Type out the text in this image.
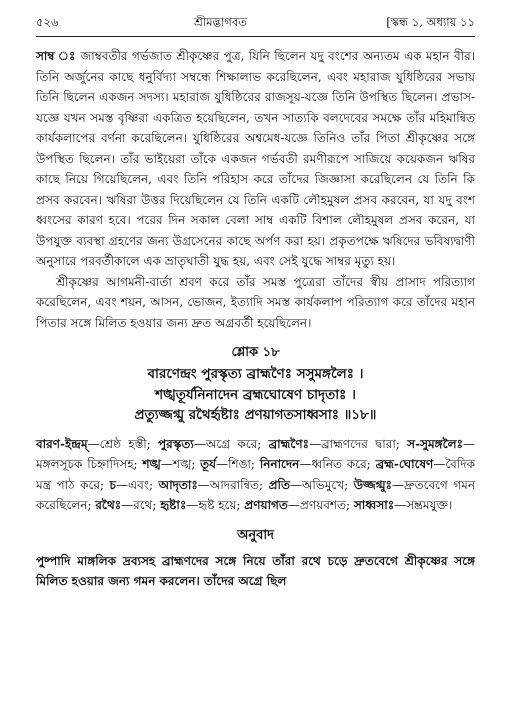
৫২৬	শ্রীমদ্ভাগবত	[স্কন্ধ ১, অধ্যায় ১১

সাম্ব ঃ জাম্ববতীর গর্ভজাত শ্রীকৃষ্ণের পুত্র, যিনি ছিলেন যদু বংশের অন্যতম এক মহান বীর। তিনি অর্জুনের কাছে ধনুর্বিদ্যা সম্বন্ধে শিক্ষালাভ করেছিলেন, এবং মহারাজ যুধিষ্ঠিরের সভায় তিনি ছিলেন একজন সদস্য। মহারাজ যুধিষ্ঠিরের রাজসূয়-যজ্ঞে তিনি উপস্থিত ছিলেন। প্রভাস-যজ্ঞে যখন সমস্ত বৃষ্ণিরা একত্রিত হয়েছিলেন, তখন সাত্যকি বলদেবের সমক্ষে তাঁর মহিমান্বিত কার্যকলাপের বর্ণনা করেছিলেন। যুধিষ্ঠিরের অশ্বমেধ-যজ্ঞে তিনিও তাঁর পিতা শ্রীকৃষ্ণের সঙ্গে উপস্থিত ছিলেন। তাঁর ভাইয়েরা তাঁকে একজন গর্ভবতী রমণীরূপে সাজিয়ে কয়েকজন ঋষির কাছে নিয়ে গিয়েছিলেন, এবং তিনি পরিহাস করে তাঁদের জিজ্ঞাসা করেছিলেন যে তিনি কি প্রসব করবেন। ঋষিরা উত্তর দিয়েছিলেন যে তিনি একটি লৌহমুষল প্রসব করবেন, যা যদু বংশ ধ্বংসের কারণ হবে। পরের দিন সকাল বেলা সাম্ব একটি বিশাল লৌহমুষল প্রসব করেন, যা উপযুক্ত ব্যবস্থা গ্রহণের জন্য উগ্রসেনের কাছে অর্পণ করা হয়। প্রকৃতপক্ষে ঋষিদের ভবিষ্যদ্বাণী অনুসারে পরবর্তীকালে এক ভ্রাতৃঘাতী যুদ্ধ হয়, এবং সেই যুদ্ধে সাম্বর মৃত্যু হয়।

শ্রীকৃষ্ণের আগমনী-বার্তা শ্রবণ করে তাঁর সমস্ত পুত্রেরা তাঁদের স্বীয় প্রাসাদ পরিত্যাগ করেছিলেন, এবং শয়ন, আসন, ভোজন, ইত্যাদি সমস্ত কার্যকলাপ পরিত্যাগ করে তাঁদের মহান পিতার সঙ্গে মিলিত হওয়ার জন্য দ্রুত অগ্রবর্তী হয়েছিলেন।

শ্লোক ১৮
বারণেন্দ্রং পুরস্কৃত্য ব্রাহ্মণৈঃ সসুমঙ্গলৈঃ ।
শঙ্খতূর্যনিনাদেন ব্রহ্মঘোষেণ চাদৃতাঃ ।
প্রত্যুজ্জগ্মু রথৈর্হৃষ্টাঃ প্রণয়াগতসাধ্বসাঃ ॥১৮॥

বারণ-ইন্দ্রম্—শ্রেষ্ঠ হস্তী; পুরস্কৃত্য—অগ্রে করে; ব্রাহ্মণৈঃ—ব্রাহ্মণদের দ্বারা; স-সুমঙ্গলৈঃ—মঙ্গলসূচক চিহ্নাদিসহ; শঙ্খ—শঙ্খ; তূর্য—শিঙা; নিনাদেন—ধ্বনিত করে; ব্রহ্ম-ঘোষেণ—বৈদিক মন্ত্র পাঠ করে; চ—এবং; আদৃতাঃ—আদরান্বিত; প্রতি—অভিমুখে; উজ্জগ্মুঃ—দ্রুতবেগে গমন করেছিলেন; রথৈঃ—রথে; হৃষ্টাঃ—হৃষ্ট হয়ে; প্রণয়াগত—প্রণয়বশত; সাধ্বসাঃ—সম্ভ্রমযুক্ত।

অনুবাদ

পুষ্পাদি মাঙ্গলিক দ্রব্যসহ ব্রাহ্মণদের সঙ্গে নিয়ে তাঁরা রথে চড়ে দ্রুতবেগে শ্রীকৃষ্ণের সঙ্গে মিলিত হওয়ার জন্য গমন করলেন। তাঁদের অগ্রে ছিল
